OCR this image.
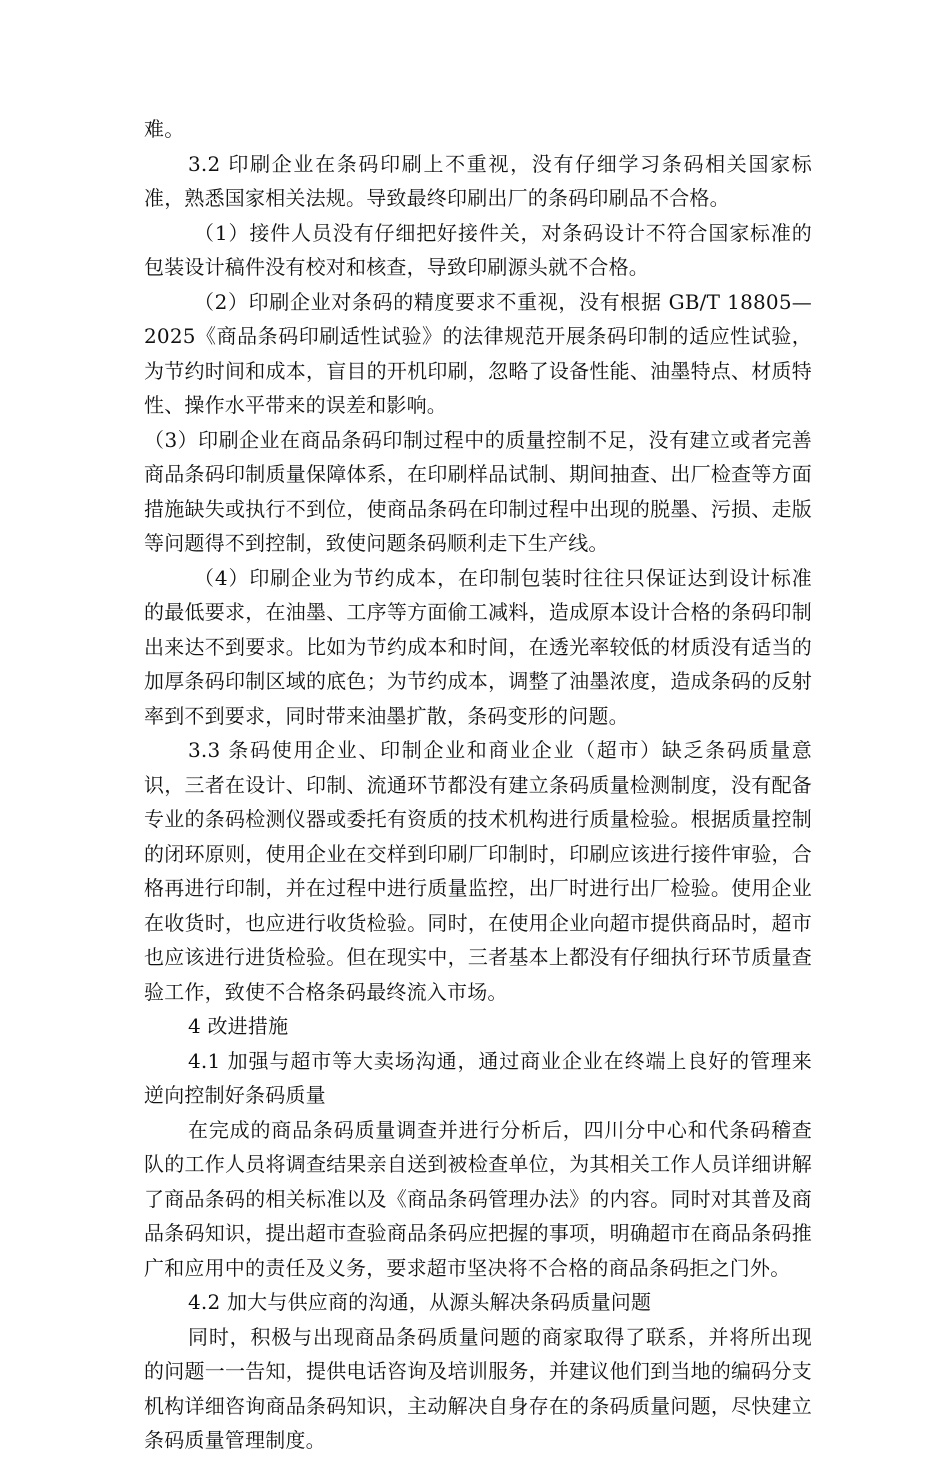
难。

3.2 印刷企业在条码印刷上不重视，没有仔细学习条码相关国家标准，熟悉国家相关法规。导致最终印刷出厂的条码印刷品不合格。

（1）接件人员没有仔细把好接件关，对条码设计不符合国家标准的包装设计稿件没有校对和核查，导致印刷源头就不合格。

（2）印刷企业对条码的精度要求不重视，没有根据 GB/T 18805—2025《商品条码印刷适性试验》的法律规范开展条码印制的适应性试验，为节约时间和成本，盲目的开机印刷，忽略了设备性能、油墨特点、材质特性、操作水平带来的误差和影响。

（3）印刷企业在商品条码印制过程中的质量控制不足，没有建立或者完善商品条码印制质量保障体系，在印刷样品试制、期间抽查、出厂检查等方面措施缺失或执行不到位，使商品条码在印制过程中出现的脱墨、污损、走版等问题得不到控制，致使问题条码顺利走下生产线。

（4）印刷企业为节约成本，在印制包装时往往只保证达到设计标准的最低要求，在油墨、工序等方面偷工减料，造成原本设计合格的条码印制出来达不到要求。比如为节约成本和时间，在透光率较低的材质没有适当的加厚条码印制区域的底色；为节约成本，调整了油墨浓度，造成条码的反射率到不到要求，同时带来油墨扩散，条码变形的问题。

3.3 条码使用企业、印制企业和商业企业（超市）缺乏条码质量意识，三者在设计、印制、流通环节都没有建立条码质量检测制度，没有配备专业的条码检测仪器或委托有资质的技术机构进行质量检验。根据质量控制的闭环原则，使用企业在交样到印刷厂印制时，印刷应该进行接件审验，合格再进行印制，并在过程中进行质量监控，出厂时进行出厂检验。使用企业在收货时，也应进行收货检验。同时，在使用企业向超市提供商品时，超市也应该进行进货检验。但在现实中，三者基本上都没有仔细执行环节质量查验工作，致使不合格条码最终流入市场。

4 改进措施

4.1 加强与超市等大卖场沟通，通过商业企业在终端上良好的管理来逆向控制好条码质量

在完成的商品条码质量调查并进行分析后，四川分中心和代条码稽查队的工作人员将调查结果亲自送到被检查单位，为其相关工作人员详细讲解了商品条码的相关标准以及《商品条码管理办法》的内容。同时对其普及商品条码知识，提出超市查验商品条码应把握的事项，明确超市在商品条码推广和应用中的责任及义务，要求超市坚决将不合格的商品条码拒之门外。

4.2 加大与供应商的沟通，从源头解决条码质量问题

同时，积极与出现商品条码质量问题的商家取得了联系，并将所出现的问题一一告知，提供电话咨询及培训服务，并建议他们到当地的编码分支机构详细咨询商品条码知识，主动解决自身存在的条码质量问题，尽快建立条码质量管理制度。
